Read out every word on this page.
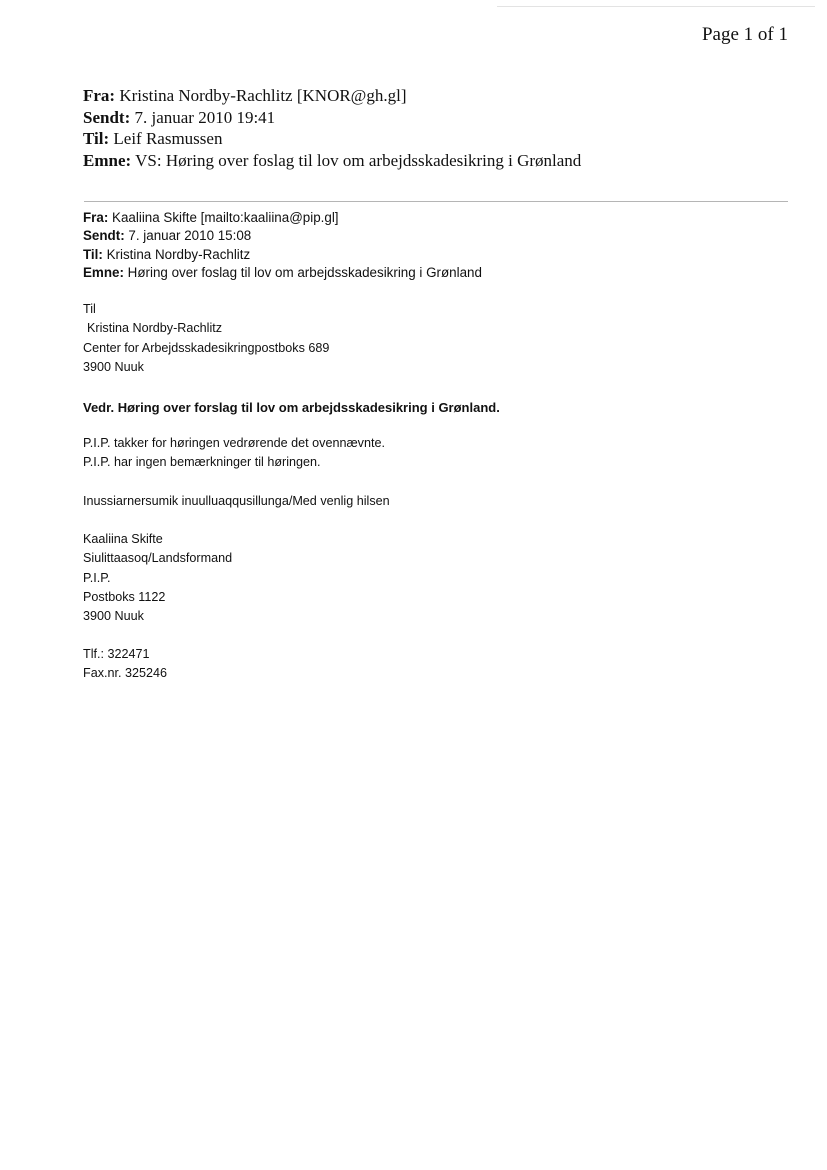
Page 1 of 1
Fra: Kristina Nordby-Rachlitz [KNOR@gh.gl]
Sendt: 7. januar 2010 19:41
Til: Leif Rasmussen
Emne: VS: Høring over foslag til lov om arbejdsskadesikring i Grønland
Fra: Kaaliina Skifte [mailto:kaaliina@pip.gl]
Sendt: 7. januar 2010 15:08
Til: Kristina Nordby-Rachlitz
Emne: Høring over foslag til lov om arbejdsskadesikring i Grønland
Til
Kristina Nordby-Rachlitz
Center for Arbejdsskadesikringpostboks 689
3900 Nuuk
Vedr. Høring over forslag til lov om arbejdsskadesikring i Grønland.
P.I.P. takker for høringen vedrørende det ovennævnte.
P.I.P. har ingen bemærkninger til høringen.
Inussiarnersumik inuulluaqqusillunga/Med venlig hilsen
Kaaliina Skifte
Siulittaasoq/Landsformand
P.I.P.
Postboks 1122
3900 Nuuk
Tlf.: 322471
Fax.nr. 325246
